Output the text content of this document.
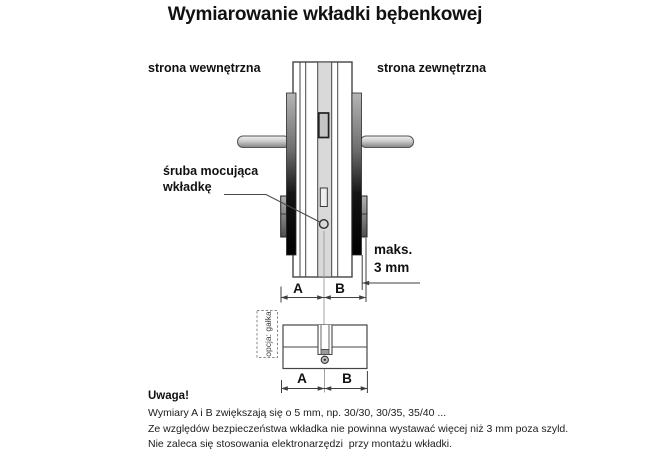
Wymiarowanie wkładki bębenkowej
strona wewnętrzna	strona zewnętrzna
śruba mocująca
wkładkę
maks.
3 mm
A B
A	B
opcja: gałka
Uwaga!
Wymiary A i B zwiększają się o 5 mm, np. 30/30, 30/35, 35/40 ...
Ze względów bezpieczeństwa wkładka nie powinna wystawać więcej niż 3 mm poza szyld.
Nie zaleca się stosowania elektronarzędzi  przy montażu wkładki.
